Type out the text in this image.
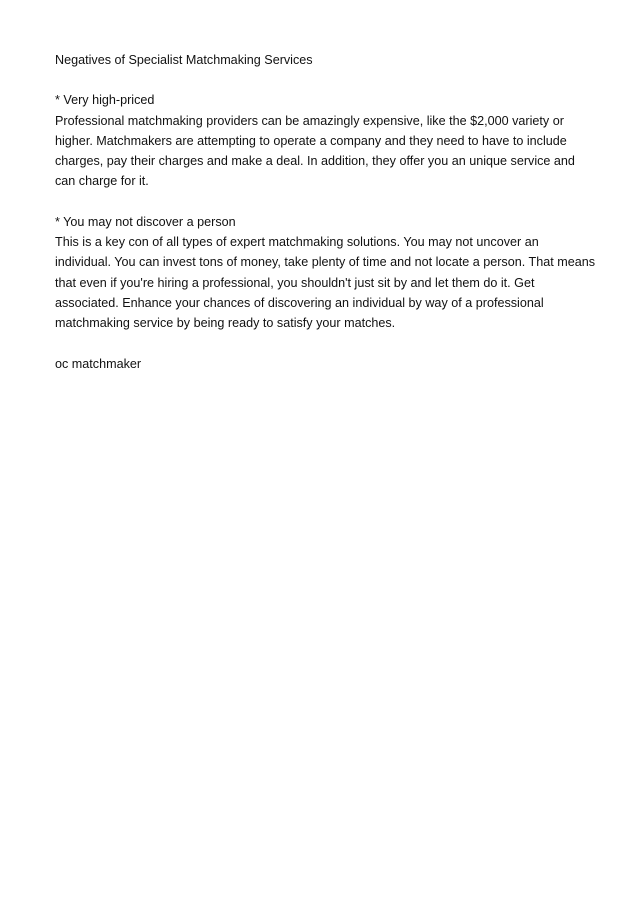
Negatives of Specialist Matchmaking Services
* Very high-priced
Professional matchmaking providers can be amazingly expensive, like the $2,000 variety or higher. Matchmakers are attempting to operate a company and they need to have to include charges, pay their charges and make a deal. In addition, they offer you an unique service and can charge for it.
* You may not discover a person
This is a key con of all types of expert matchmaking solutions. You may not uncover an individual. You can invest tons of money, take plenty of time and not locate a person. That means that even if you're hiring a professional, you shouldn't just sit by and let them do it. Get associated. Enhance your chances of discovering an individual by way of a professional matchmaking service by being ready to satisfy your matches.
oc matchmaker
